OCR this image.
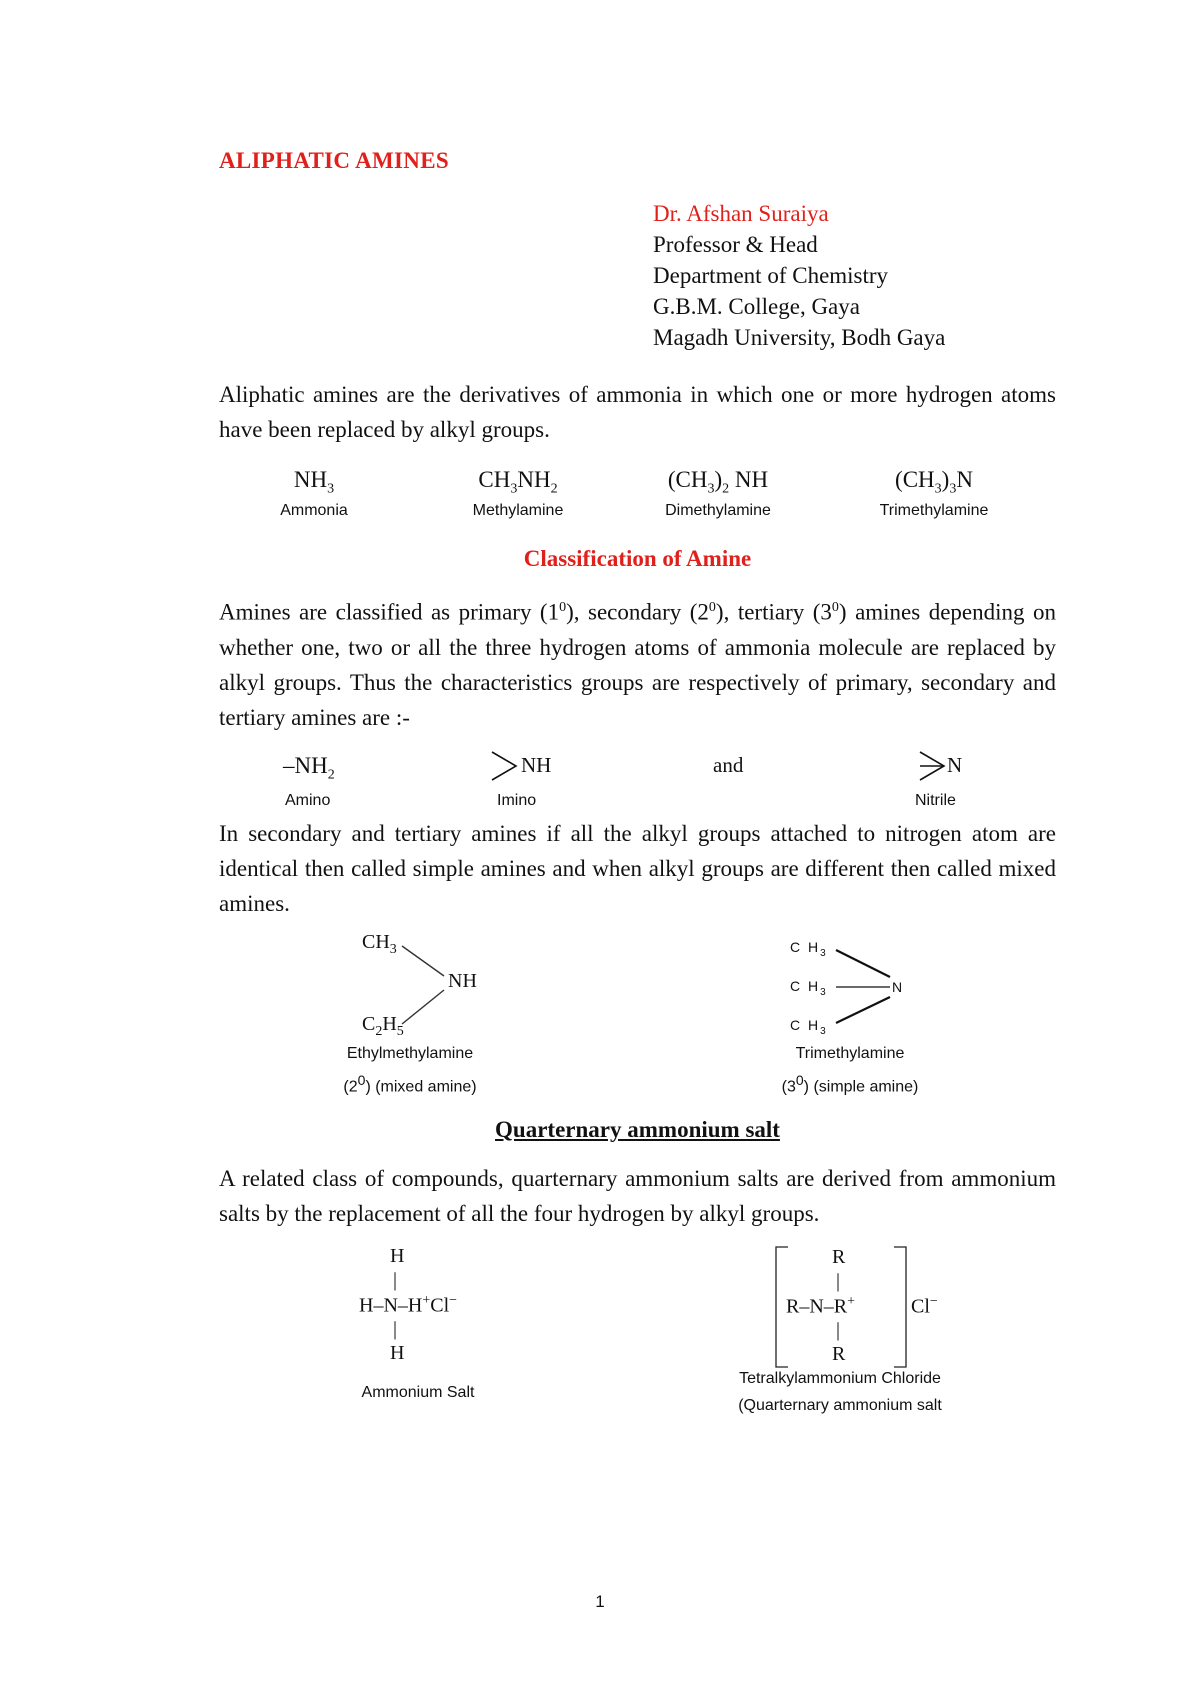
ALIPHATIC AMINES
Dr. Afshan Suraiya
Professor & Head
Department of Chemistry
G.B.M. College, Gaya
Magadh University, Bodh Gaya
Aliphatic amines are the derivatives of ammonia in which one or more hydrogen atoms have been replaced by alkyl groups.
$NH_3$
Ammonia
$CH_3NH_2$
Methylamine
$(CH_3)_2$ NH
Dimethylamine
$(CH_3)_3N$
Trimethylamine
Classification of Amine
Amines are classified as primary $(1^0)$, secondary $(2^0)$, tertiary $(3^0)$ amines depending on whether one, two or all the three hydrogen atoms of ammonia molecule are replaced by alkyl groups. Thus the characteristics groups are respectively of primary, secondary and tertiary amines are :-
$-NH_2$
Amino
NH
Imino
and	N
Nitrile
In secondary and tertiary amines if all the alkyl groups attached to nitrogen atom are identical then called simple amines and when alkyl groups are different then called mixed amines.
$CH_3$
NH
$C_2H_5$
Ethylmethylamine
$(2^0)$ (mixed amine)
C $H_3$
C $H_3$
C $H_3$
N
Trimethylamine
$(3^0)$ (simple amine)
Quarternary ammonium salt
A related class of compounds, quarternary ammonium salts are derived from ammonium salts by the replacement of all the four hydrogen by alkyl groups.
H
|
H–N–H+Cl−
|
H
Ammonium Salt
R
|
R–N–R+	Cl−
|
R
Tetralkylammonium Chloride
(Quarternary ammonium salt
1
